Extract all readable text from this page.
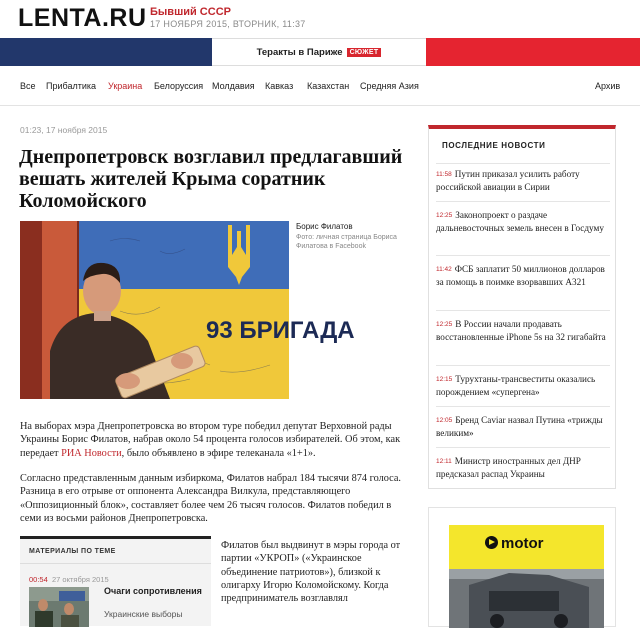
LENTA.RU Бывший СССР
17 НОЯБРЯ 2015, ВТОРНИК, 11:37
Теракты в Париже СЮЖЕТ
Все Прибалтика Украина Белоруссия Молдавия Кавказ Казахстан Средняя Азия	Архив
01:23, 17 ноября 2015
Днепропетровск возглавил предлагавший вешать жителей Крыма соратник Коломойского
93 БРИГАДА
Борис Филатов
Фото: личная страница Бориса Филатова в Facebook

На выборах мэра Днепропетровска во втором туре победил депутат Верховной рады Украины Борис Филатов, набрав около 54 процента голосов избирателей. Об этом, как передает РИА Новости, было объявлено в эфире телеканала «1+1».

Согласно представленным данным избиркома, Филатов набрал 184 тысячи 874 голоса. Разница в его отрыве от оппонента Александра Вилкула, представляющего «Оппозиционный блок», составляет более чем 26 тысяч голосов. Филатов победил в семи из восьми районов Днепропетровска.

МАТЕРИАЛЫ ПО ТЕМЕ
00:54 27 октября 2015
Очаги сопротивления
Украинские выборы

Филатов был выдвинут в мэры города от партии «УКРОП» («Украинское объединение патриотов»), близкой к олигарху Игорю Коломойскому. Когда предприниматель возглавлял

ПОСЛЕДНИЕ НОВОСТИ
11:58 Путин приказал усилить работу российской авиации в Сирии
12:25 Законопроект о раздаче дальневосточных земель внесен в Госдуму
11:42 ФСБ заплатит 50 миллионов долларов за помощь в поимке взорвавших A321
12:25 В России начали продавать восстановленные iPhone 5s на 32 гигабайта
12:15 Турухтаны-трансвеститы оказались порождением «супергена»
12:05 Бренд Caviar назвал Путина «трижды великим»
12:11 Министр иностранных дел ДНР предсказал распад Украины
motor
